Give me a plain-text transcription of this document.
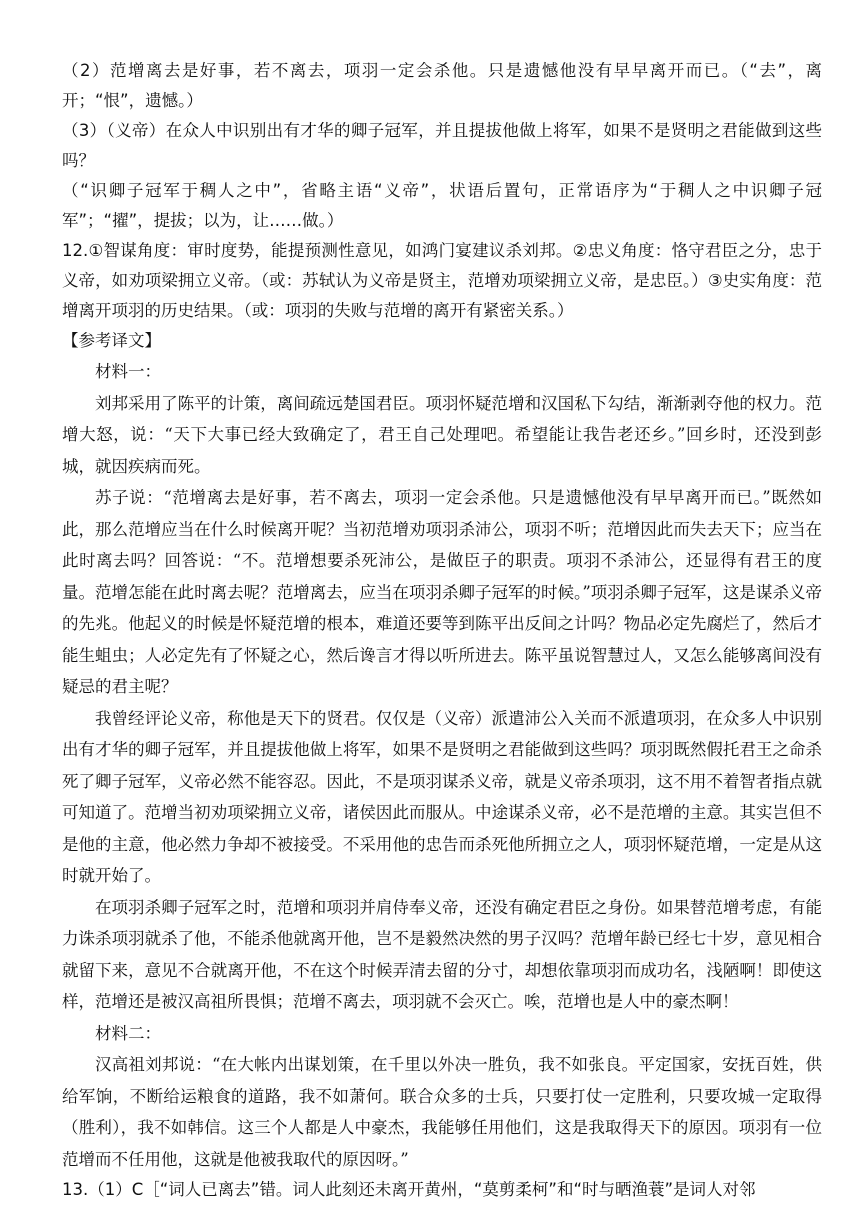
（2）范增离去是好事，若不离去，项羽一定会杀他。只是遗憾他没有早早离开而已。（“去”，离开；“恨”，遗憾。）

（3）（义帝）在众人中识别出有才华的卿子冠军，并且提拔他做上将军，如果不是贤明之君能做到这些吗？

（“识卿子冠军于稠人之中”，省略主语“义帝”，状语后置句，正常语序为“于稠人之中识卿子冠军”；“擢”，提拔；以为，让……做。）

12.①智谋角度：审时度势，能提预测性意见，如鸿门宴建议杀刘邦。②忠义角度：恪守君臣之分，忠于义帝，如劝项梁拥立义帝。（或：苏轼认为义帝是贤主，范增劝项梁拥立义帝，是忠臣。）③史实角度：范增离开项羽的历史结果。（或：项羽的失败与范增的离开有紧密关系。）

【参考译文】

材料一：

刘邦采用了陈平的计策，离间疏远楚国君臣。项羽怀疑范增和汉国私下勾结，渐渐剥夺他的权力。范增大怒，说：“天下大事已经大致确定了，君王自己处理吧。希望能让我告老还乡。”回乡时，还没到彭城，就因疾病而死。

苏子说：“范增离去是好事，若不离去，项羽一定会杀他。只是遗憾他没有早早离开而已。”既然如此，那么范增应当在什么时候离开呢？当初范增劝项羽杀沛公，项羽不听；范增因此而失去天下；应当在此时离去吗？回答说：“不。范增想要杀死沛公，是做臣子的职责。项羽不杀沛公，还显得有君王的度量。范增怎能在此时离去呢？范增离去，应当在项羽杀卿子冠军的时候。”项羽杀卿子冠军，这是谋杀义帝的先兆。他起义的时候是怀疑范增的根本，难道还要等到陈平出反间之计吗？物品必定先腐烂了，然后才能生蛆虫；人必定先有了怀疑之心，然后谗言才得以听所进去。陈平虽说智慧过人，又怎么能够离间没有疑忌的君主呢？

我曾经评论义帝，称他是天下的贤君。仅仅是（义帝）派遣沛公入关而不派遣项羽，在众多人中识别出有才华的卿子冠军，并且提拔他做上将军，如果不是贤明之君能做到这些吗？项羽既然假托君王之命杀死了卿子冠军，义帝必然不能容忍。因此，不是项羽谋杀义帝，就是义帝杀项羽，这不用不着智者指点就可知道了。范增当初劝项梁拥立义帝，诸侯因此而服从。中途谋杀义帝，必不是范增的主意。其实岂但不是他的主意，他必然力争却不被接受。不采用他的忠告而杀死他所拥立之人，项羽怀疑范增，一定是从这时就开始了。

在项羽杀卿子冠军之时，范增和项羽并肩侍奉义帝，还没有确定君臣之身份。如果替范增考虑，有能力诛杀项羽就杀了他，不能杀他就离开他，岂不是毅然决然的男子汉吗？范增年龄已经七十岁，意见相合就留下来，意见不合就离开他，不在这个时候弄清去留的分寸，却想依靠项羽而成功名，浅陋啊！即使这样，范增还是被汉高祖所畏惧；范增不离去，项羽就不会灭亡。唉，范增也是人中的豪杰啊！

材料二：

汉高祖刘邦说：“在大帐内出谋划策，在千里以外决一胜负，我不如张良。平定国家，安抚百姓，供给军饷，不断给运粮食的道路，我不如萧何。联合众多的士兵，只要打仗一定胜利，只要攻城一定取得（胜利），我不如韩信。这三个人都是人中豪杰，我能够任用他们，这是我取得天下的原因。项羽有一位范增而不任用他，这就是他被我取代的原因呀。”

13.（1）C［“词人已离去”错。词人此刻还未离开黄州，“莫剪柔柯”和“时与晒渔蓑”是词人对邻
